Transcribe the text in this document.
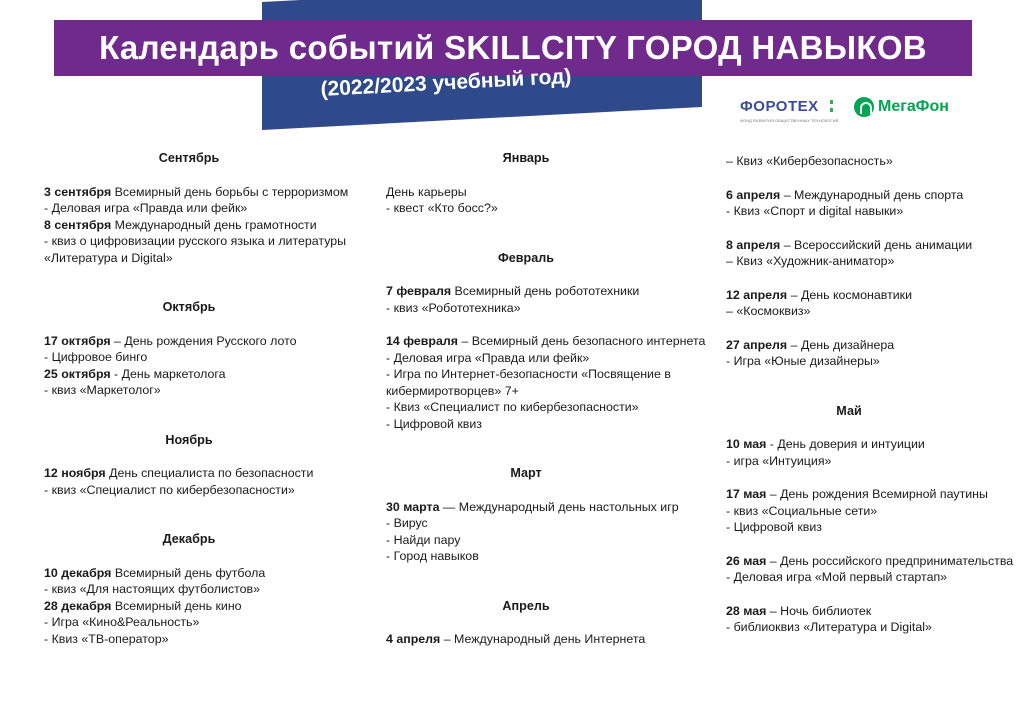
Календарь событий SKILLCITY ГОРОД НАВЫКОВ
(2022/2023 учебный год)
ФОРОТЕХ
ФОНД РАЗВИТИЯ ОБЩЕСТВЕННЫХ ТЕХНОЛОГИЙ
МегаФон
Сентябрь
3 сентября Всемирный день борьбы с терроризмом
- Деловая игра «Правда или фейк»
8 сентября Международный день грамотности
- квиз о цифровизации русского языка и литературы «Литература и Digital»
Октябрь
17 октября – День рождения Русского лото
- Цифровое бинго
25 октября - День маркетолога
- квиз «Маркетолог»
Ноябрь
12 ноября День специалиста по безопасности
- квиз «Специалист по кибербезопасности»
Декабрь
10 декабря Всемирный день футбола
- квиз «Для настоящих футболистов»
28 декабря Всемирный день кино
- Игра «Кино&Реальность»
- Квиз «ТВ-оператор»
Январь
День карьеры
- квест «Кто босс?»
Февраль
7 февраля Всемирный день робототехники
- квиз «Робототехника»
14 февраля – Всемирный день безопасного интернета
- Деловая игра «Правда или фейк»
- Игра по Интернет-безопасности «Посвящение в кибермиротворцев» 7+
- Квиз «Специалист по кибербезопасности»
- Цифровой квиз
Март
30 марта — Международный день настольных игр
- Вирус
- Найди пару
- Город навыков
Апрель
4 апреля – Международный день Интернета
– Квиз «Кибербезопасность»
6 апреля – Международный день спорта
- Квиз «Спорт и digital навыки»
8 апреля – Всероссийский день анимации
– Квиз «Художник-аниматор»
12 апреля – День космонавтики
– «Космоквиз»
27 апреля – День дизайнера
- Игра «Юные дизайнеры»
Май
10 мая - День доверия и интуиции
- игра «Интуиция»
17 мая – День рождения Всемирной паутины
- квиз «Социальные сети»
- Цифровой квиз
26 мая – День российского предпринимательства
- Деловая игра «Мой первый стартап»
28 мая – Ночь библиотек
- библиоквиз «Литература и Digital»
